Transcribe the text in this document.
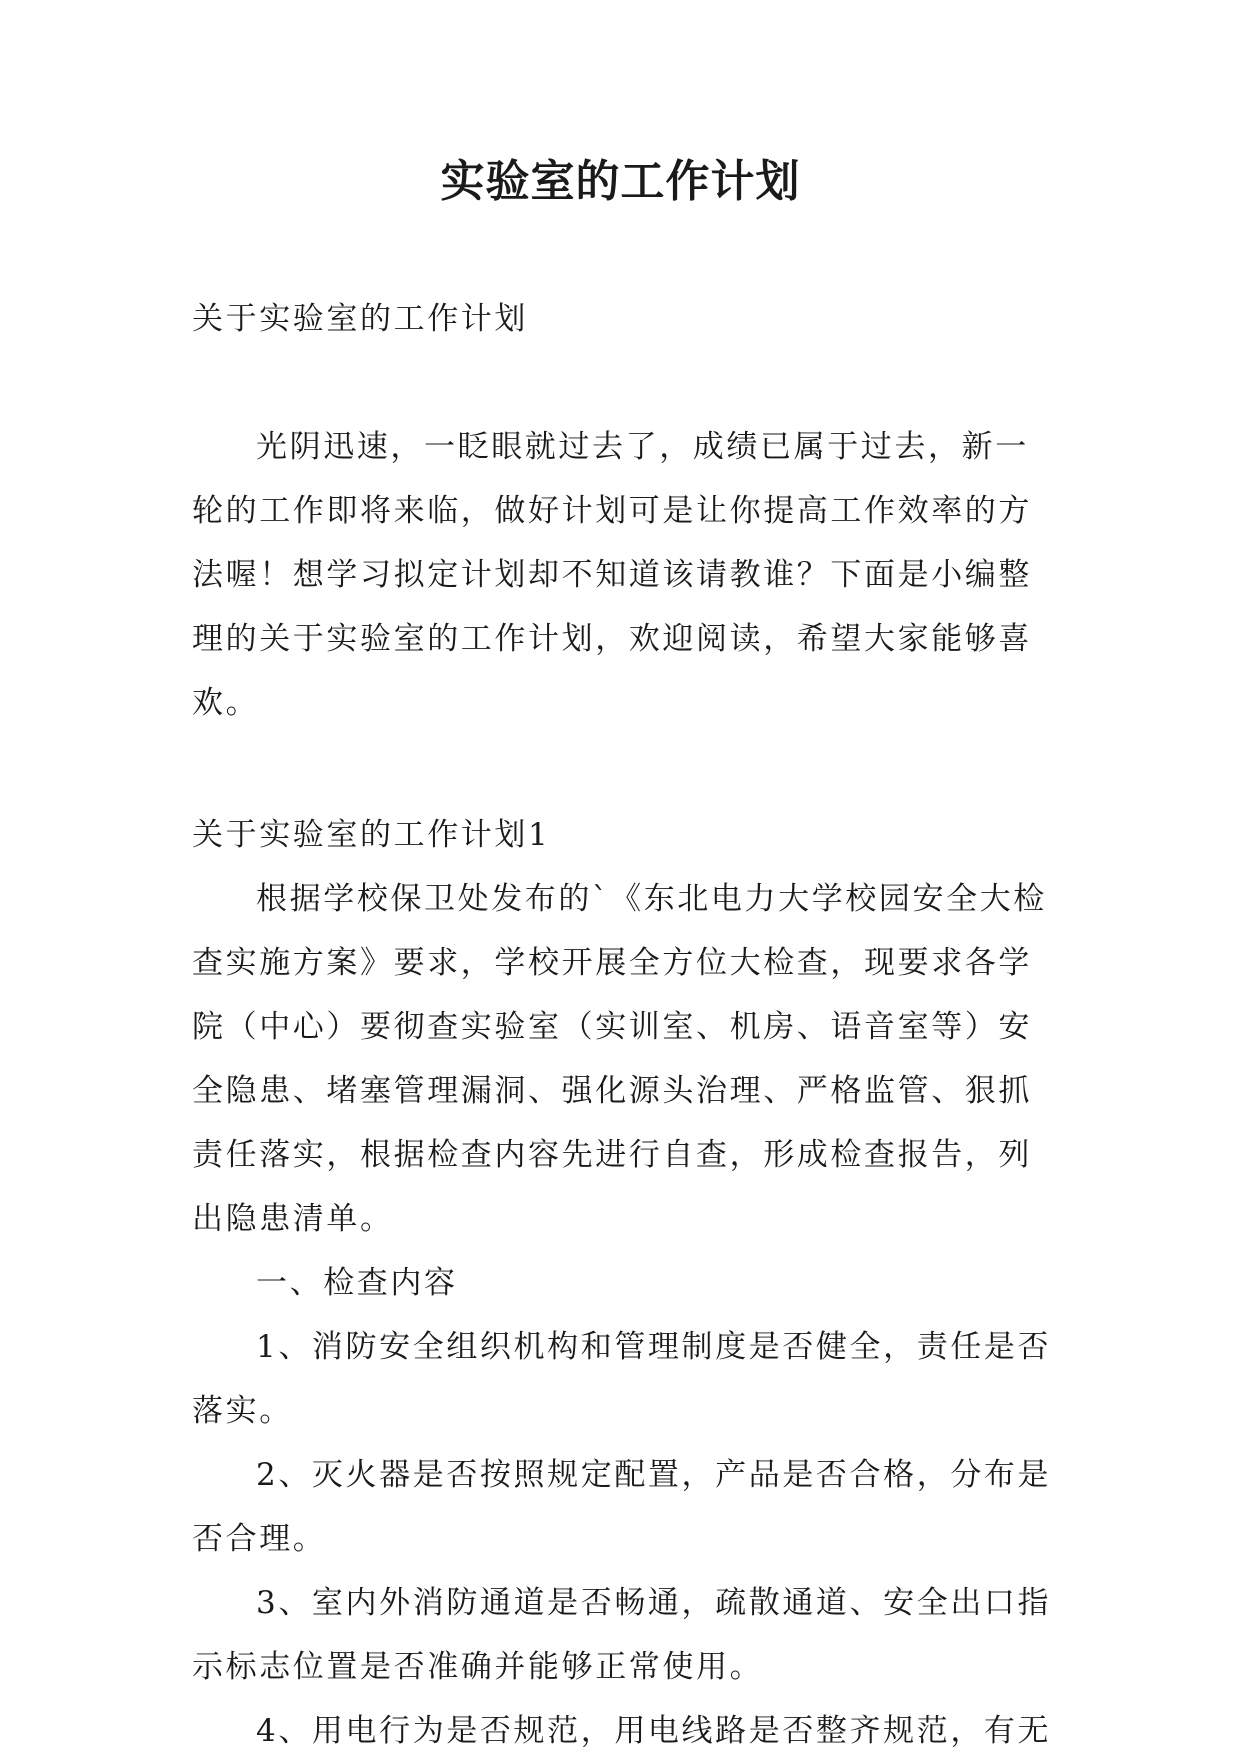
实验室的工作计划

关于实验室的工作计划

光阴迅速，一眨眼就过去了，成绩已属于过去，新一轮的工作即将来临，做好计划可是让你提高工作效率的方法喔！想学习拟定计划却不知道该请教谁？下面是小编整理的关于实验室的工作计划，欢迎阅读，希望大家能够喜欢。

关于实验室的工作计划1

根据学校保卫处发布的`《东北电力大学校园安全大检查实施方案》要求，学校开展全方位大检查，现要求各学院（中心）要彻查实验室（实训室、机房、语音室等）安全隐患、堵塞管理漏洞、强化源头治理、严格监管、狠抓责任落实，根据检查内容先进行自查，形成检查报告，列出隐患清单。

一、检查内容

1、消防安全组织机构和管理制度是否健全，责任是否落实。

2、灭火器是否按照规定配置，产品是否合格，分布是否合理。

3、室内外消防通道是否畅通，疏散通道、安全出口指示标志位置是否准确并能够正常使用。

4、用电行为是否规范，用电线路是否整齐规范，有无
